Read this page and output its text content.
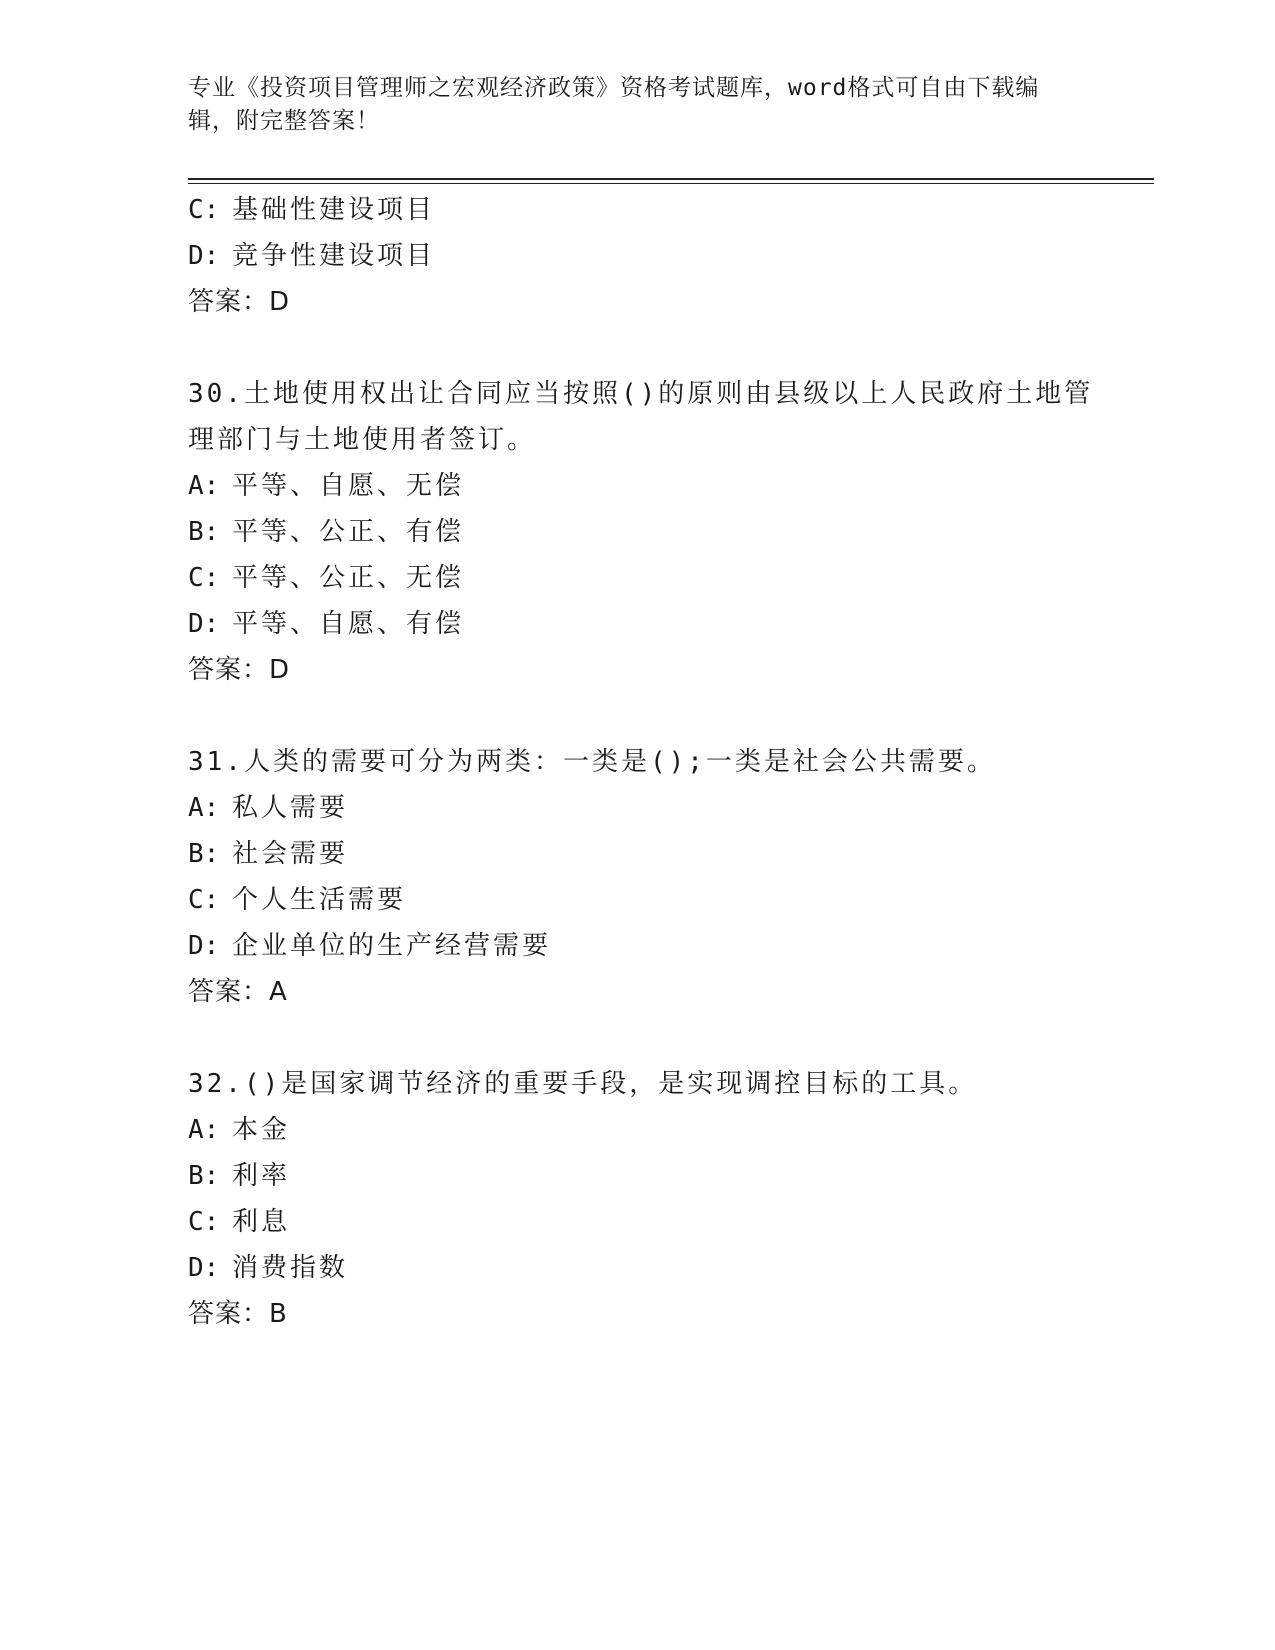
专业《投资项目管理师之宏观经济政策》资格考试题库，word格式可自由下载编
辑，附完整答案！
C: 基础性建设项目
D: 竞争性建设项目
答案：D
30.土地使用权出让合同应当按照()的原则由县级以上人民政府土地管
理部门与土地使用者签订。
A: 平等、自愿、无偿
B: 平等、公正、有偿
C: 平等、公正、无偿
D: 平等、自愿、有偿
答案：D
31.人类的需要可分为两类：一类是();一类是社会公共需要。
A: 私人需要
B: 社会需要
C: 个人生活需要
D: 企业单位的生产经营需要
答案：A
32.()是国家调节经济的重要手段，是实现调控目标的工具。
A: 本金
B: 利率
C: 利息
D: 消费指数
答案：B
